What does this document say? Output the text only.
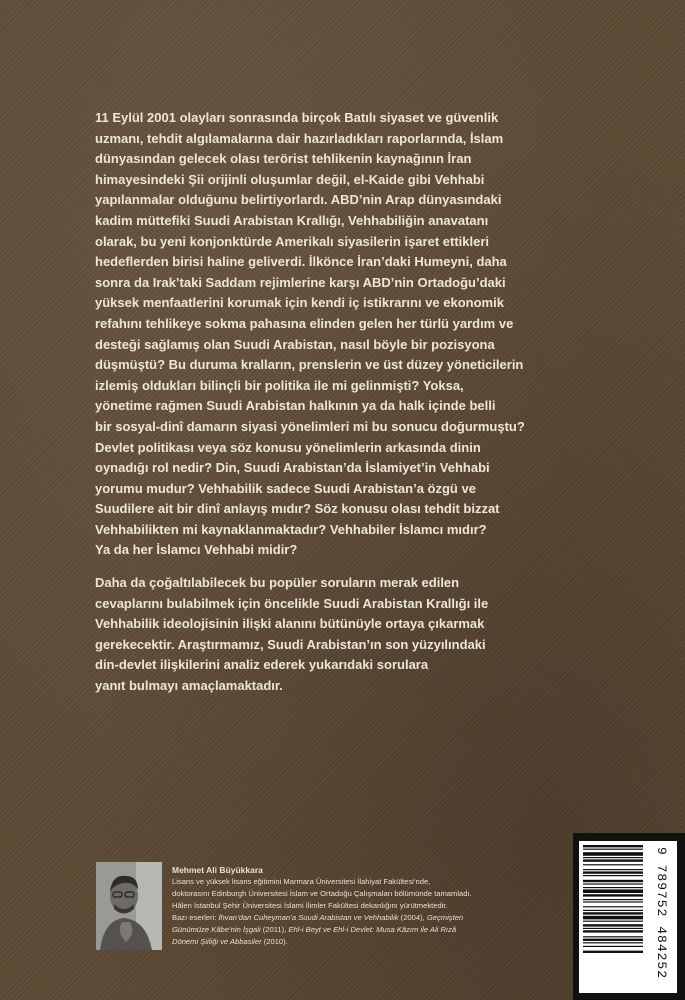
11 Eylül 2001 olayları sonrasında birçok Batılı siyaset ve güvenlik
uzmanı, tehdit algılamalarına dair hazırladıkları raporlarında, İslam
dünyasından gelecek olası terörist tehlikenin kaynağının İran
himayesindeki Şii orijinli oluşumlar değil, el-Kaide gibi Vehhabi
yapılanmalar olduğunu belirtiyorlardı. ABD’nin Arap dünyasındaki
kadim müttefiki Suudi Arabistan Krallığı, Vehhabiliğin anavatanı
olarak, bu yeni konjonktürde Amerikalı siyasilerin işaret ettikleri
hedeflerden birisi haline geliverdi. İlkönce İran’daki Humeyni, daha
sonra da Irak’taki Saddam rejimlerine karşı ABD’nin Ortadoğu’daki
yüksek menfaatlerini korumak için kendi iç istikrarını ve ekonomik
refahını tehlikeye sokma pahasına elinden gelen her türlü yardım ve
desteği sağlamış olan Suudi Arabistan, nasıl böyle bir pozisyona
düşmüştü? Bu duruma kralların, prenslerin ve üst düzey yöneticilerin
izlemiş oldukları bilinçli bir politika ile mi gelinmişti? Yoksa,
yönetime rağmen Suudi Arabistan halkının ya da halk içinde belli
bir sosyal-dinî damarın siyasi yönelimleri mi bu sonucu doğurmuştu?
Devlet politikası veya söz konusu yönelimlerin arkasında dinin
oynadığı rol nedir? Din, Suudi Arabistan’da İslamiyet’in Vehhabi
yorumu mudur? Vehhabilik sadece Suudi Arabistan’a özgü ve
Suudilere ait bir dinî anlayış mıdır? Söz konusu olası tehdit bizzat
Vehhabilikten mi kaynaklanmaktadır? Vehhabiler İslamcı mıdır?
Ya da her İslamcı Vehhabi midir?
Daha da çoğaltılabilecek bu popüler soruların merak edilen
cevaplarını bulabilmek için öncelikle Suudi Arabistan Krallığı ile
Vehhabilik ideolojisinin ilişki alanını bütünüyle ortaya çıkarmak
gerekecektir. Araştırmamız, Suudi Arabistan’ın son yüzyılındaki
din-devlet ilişkilerini analiz ederek yukarıdaki sorulara
yanıt bulmayı amaçlamaktadır.

Mehmet Ali Büyükkara

Lisans ve yüksek lisans eğitimini Marmara Üniversitesi İlahiyat Fakültesi’nde,

doktorasını Edinburgh Üniversitesi İslam ve Ortadoğu Çalışmaları bölümünde tamamladı.

Hâlen İstanbul Şehir Üniversitesi İslami İlimler Fakültesi dekanlığını yürütmektedir.

Bazı eserleri: İhvan’dan Cuheyman’a Suudi Arabistan ve Vehhabilik (2004), Geçmişten

Günümüze Kâbe’nin İşgali (2011), Ehl-i Beyt ve Ehl-i Devlet: Musa Kâzım ile Ali Rızâ

Dönemi Şiiliği ve Abbasiler (2010).	9 789752 484252
